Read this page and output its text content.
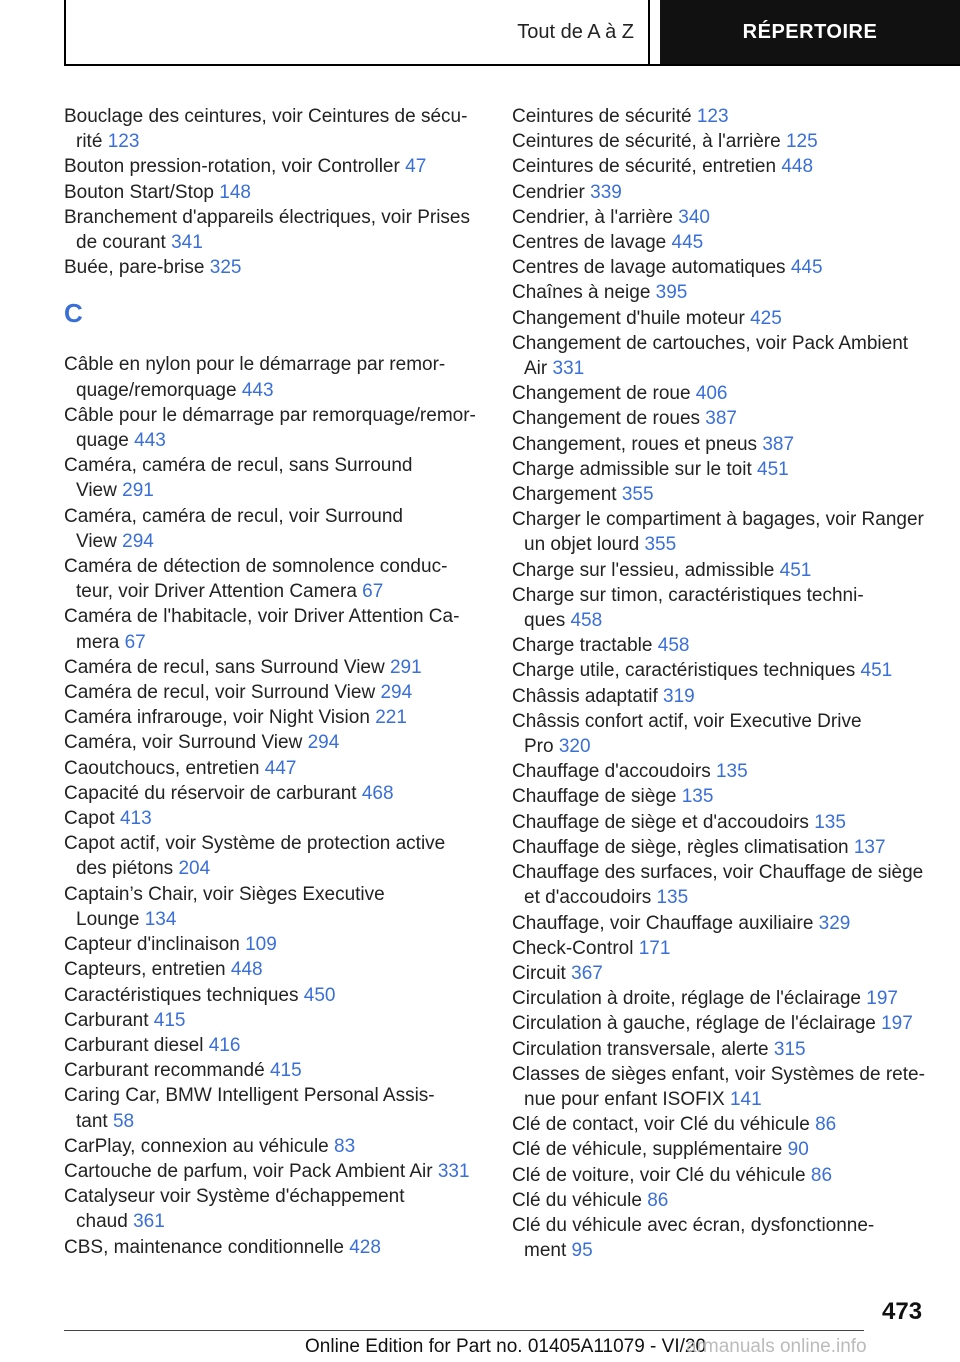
Tout de A à Z	RÉPERTOIRE
Bouclage des ceintures, voir Ceintures de sécu‐
rité 123
Bouton pression-rotation, voir Controller 47
Bouton Start/Stop 148
Branchement d'appareils électriques, voir Prises
de courant 341
Buée, pare-brise 325
C
Câble en nylon pour le démarrage par remor‐
quage/remorquage 443
Câble pour le démarrage par remorquage/remor‐
quage 443
Caméra, caméra de recul, sans Surround
View 291
Caméra, caméra de recul, voir Surround
View 294
Caméra de détection de somnolence conduc‐
teur, voir Driver Attention Camera 67
Caméra de l'habitacle, voir Driver Attention Ca‐
mera 67
Caméra de recul, sans Surround View 291
Caméra de recul, voir Surround View 294
Caméra infrarouge, voir Night Vision 221
Caméra, voir Surround View 294
Caoutchoucs, entretien 447
Capacité du réservoir de carburant 468
Capot 413
Capot actif, voir Système de protection active
des piétons 204
Captain’s Chair, voir Sièges Executive
Lounge 134
Capteur d'inclinaison 109
Capteurs, entretien 448
Caractéristiques techniques 450
Carburant 415
Carburant diesel 416
Carburant recommandé 415
Caring Car, BMW Intelligent Personal Assis‐
tant 58
CarPlay, connexion au véhicule 83
Cartouche de parfum, voir Pack Ambient Air 331
Catalyseur voir Système d'échappement
chaud 361
CBS, maintenance conditionnelle 428
Ceintures de sécurité 123
Ceintures de sécurité, à l'arrière 125
Ceintures de sécurité, entretien 448
Cendrier 339
Cendrier, à l'arrière 340
Centres de lavage 445
Centres de lavage automatiques 445
Chaînes à neige 395
Changement d'huile moteur 425
Changement de cartouches, voir Pack Ambient
Air 331
Changement de roue 406
Changement de roues 387
Changement, roues et pneus 387
Charge admissible sur le toit 451
Chargement 355
Charger le compartiment à bagages, voir Ranger
un objet lourd 355
Charge sur l'essieu, admissible 451
Charge sur timon, caractéristiques techni‐
ques 458
Charge tractable 458
Charge utile, caractéristiques techniques 451
Châssis adaptatif 319
Châssis confort actif, voir Executive Drive
Pro 320
Chauffage d'accoudoirs 135
Chauffage de siège 135
Chauffage de siège et d'accoudoirs 135
Chauffage de siège, règles climatisation 137
Chauffage des surfaces, voir Chauffage de siège
et d'accoudoirs 135
Chauffage, voir Chauffage auxiliaire 329
Check-Control 171
Circuit 367
Circulation à droite, réglage de l'éclairage 197
Circulation à gauche, réglage de l'éclairage 197
Circulation transversale, alerte 315
Classes de sièges enfant, voir Systèmes de rete‐
nue pour enfant ISOFIX 141
Clé de contact, voir Clé du véhicule 86
Clé de véhicule, supplémentaire 90
Clé de voiture, voir Clé du véhicule 86
Clé du véhicule 86
Clé du véhicule avec écran, dysfonctionne‐
ment 95
473
Online Edition for Part no. 01405A11079 - VI/20
armanuals online.info
